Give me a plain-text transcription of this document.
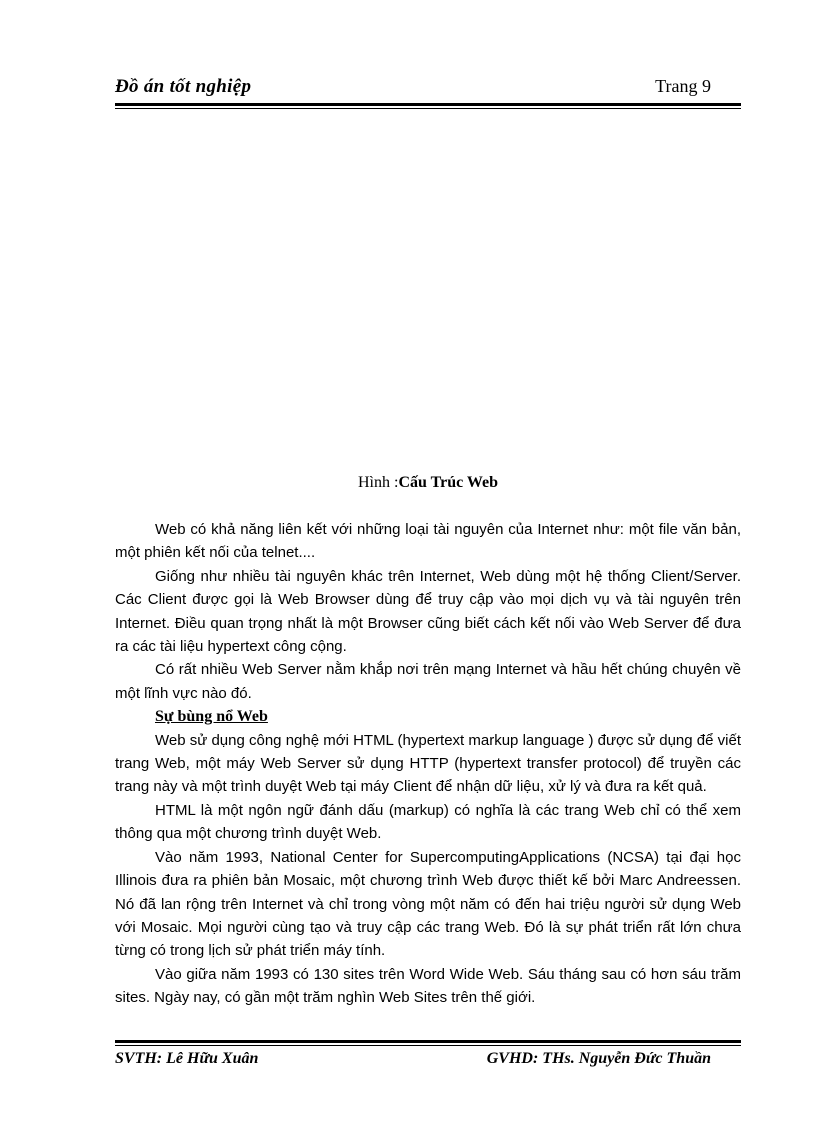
Đồ án tốt nghiệp	Trang 9
Hình :Cấu Trúc Web

Web có khả năng liên kết với những loại tài nguyên của Internet như: một file văn bản, một phiên kết nối của telnet....

Giống như nhiều tài nguyên khác trên Internet, Web dùng một hệ thống Client/Server. Các Client được gọi là Web Browser dùng để truy cập vào mọi dịch vụ và tài nguyên trên Internet. Điều quan trọng nhất là một Browser cũng biết cách kết nối vào Web Server để đưa ra các tài liệu hypertext công cộng.

Có rất nhiều Web Server nằm khắp nơi trên mạng Internet và hầu hết chúng chuyên về một lĩnh vực nào đó.

Sự bùng nổ Web

Web sử dụng công nghệ mới HTML (hypertext markup language ) được sử dụng để viết trang Web, một máy Web Server sử dụng HTTP (hypertext transfer protocol) để truyền các trang này và một trình duyệt Web tại máy Client để nhận dữ liệu, xử lý và đưa ra kết quả.

HTML là một ngôn ngữ đánh dấu (markup) có nghĩa là các trang Web chỉ có thể xem thông qua một chương trình duyệt Web.

Vào năm 1993, National Center for SupercomputingApplications (NCSA) tại đại học Illinois đưa ra phiên bản Mosaic, một chương trình Web được thiết kế bởi Marc Andreessen. Nó đã lan rộng trên Internet và chỉ trong vòng một năm có đến hai triệu người sử dụng Web với Mosaic. Mọi người cùng tạo và truy cập các trang Web. Đó là sự phát triển rất lớn chưa từng có trong lịch sử phát triển máy tính.

Vào giữa năm 1993 có 130 sites trên Word Wide Web. Sáu tháng sau có hơn sáu trăm sites. Ngày nay, có gần một trăm nghìn Web Sites trên thế giới.

SVTH: Lê Hữu Xuân	GVHD: THs. Nguyễn Đức Thuần
